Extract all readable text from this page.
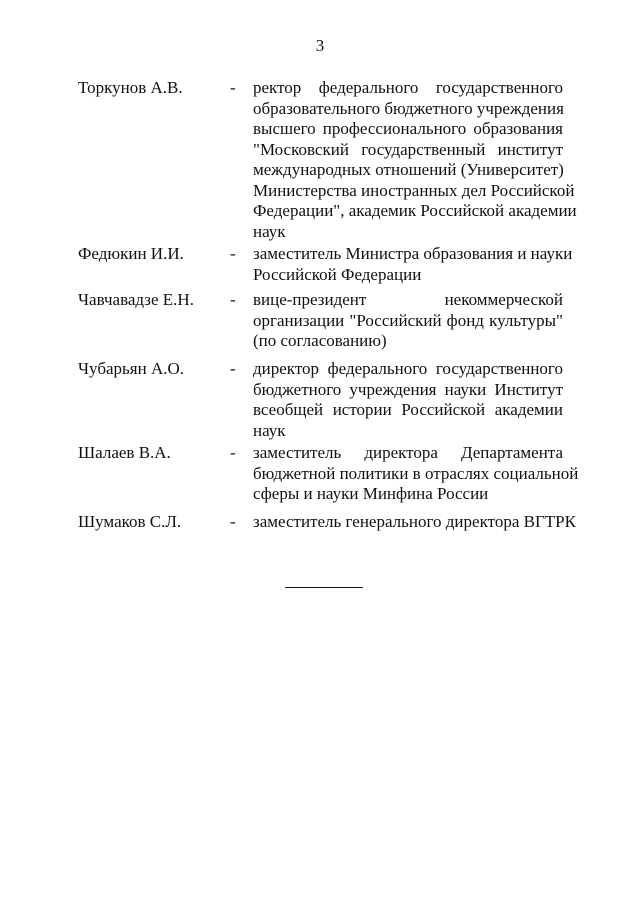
3
Торкунов А.В.	- ректор федерального государственного
образовательного бюджетного учреждения
высшего профессионального образования
"Московский государственный институт
международных отношений (Университет)
Министерства иностранных дел Российской
Федерации", академик Российской академии
наук
Федюкин И.И.	- заместитель Министра образования и науки
Российской Федерации
Чавчавадзе Е.Н. - вице-президент некоммерческой
организации "Российский фонд культуры"
(по согласованию)
Чубарьян А.О.	- директор федерального государственного
бюджетного учреждения науки Институт
всеобщей истории Российской академии
наук
Шалаев В.А.	- заместитель директора Департамента
бюджетной политики в отраслях социальной
сферы и науки Минфина России
Шумаков С.Л.	- заместитель генерального директора ВГТРК
